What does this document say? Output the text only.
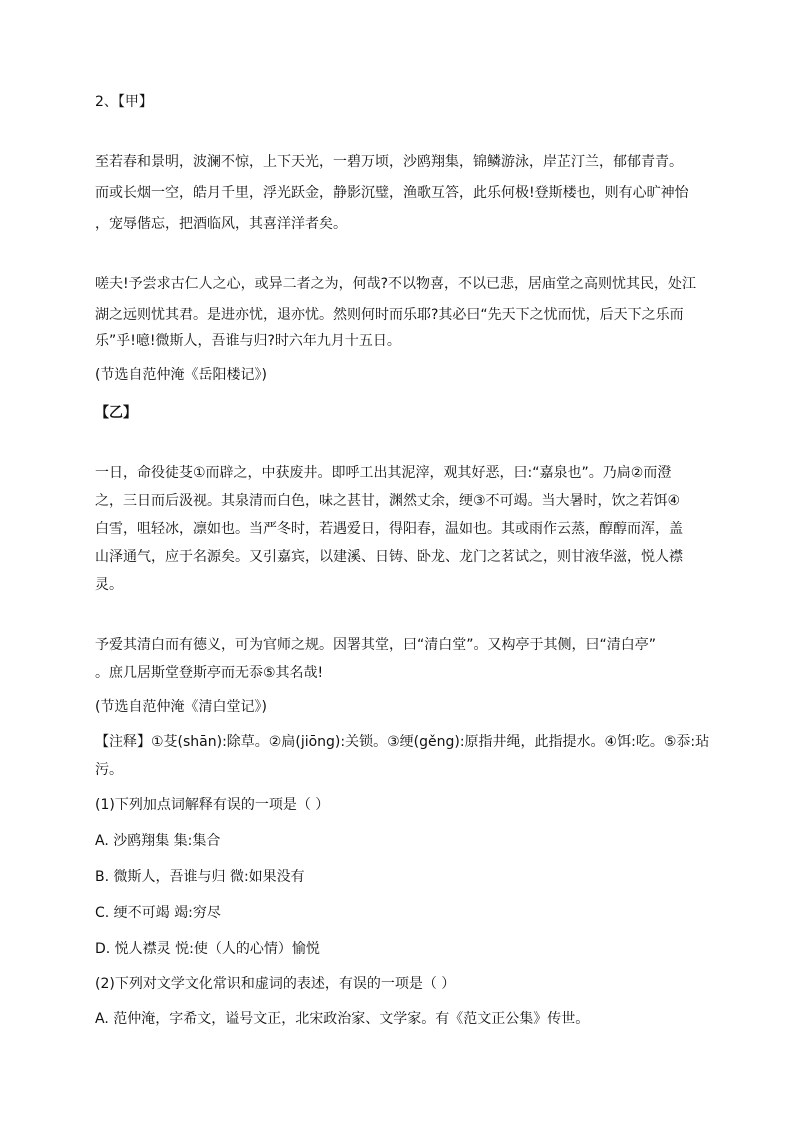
2、【甲】
至若春和景明，波澜不惊，上下天光，一碧万顷，沙鸥翔集，锦鳞游泳，岸芷汀兰，郁郁青青。
而或长烟一空，皓月千里，浮光跃金，静影沉璧，渔歌互答，此乐何极!登斯楼也，则有心旷神怡
，宠辱偕忘，把酒临风，其喜洋洋者矣。
嗟夫!予尝求古仁人之心，或异二者之为，何哉?不以物喜，不以已悲，居庙堂之高则忧其民，处江
湖之远则忧其君。是进亦忧，退亦忧。然则何时而乐耶?其必曰“先天下之忧而忧，后天下之乐而
乐”乎!噫!微斯人，吾谁与归?时六年九月十五日。
(节选自范仲淹《岳阳楼记》)
【乙】
一日，命役徒芟①而辟之，中获废井。即呼工出其泥滓，观其好恶，曰:“嘉泉也”。乃扃②而澄
之，三日而后汲视。其泉清而白色，味之甚甘，渊然丈余，绠③不可竭。当大暑时，饮之若饵④
白雪，咀轻冰，凛如也。当严冬时，若遇爱日，得阳春，温如也。其或雨作云蒸，醇醇而浑，盖
山泽通气，应于名源矣。又引嘉宾，以建溪、日铸、卧龙、龙门之茗试之，则甘液华滋，悦人襟
灵。
予爱其清白而有德义，可为官师之规。因署其堂，曰“清白堂”。又构亭于其侧，曰“清白亭”
。庶几居斯堂登斯亭而无忝⑤其名哉!
(节选自范仲淹《清白堂记》)
【注释】①芟(shān):除草。②扃(jiōng):关锁。③绠(gěng):原指井绳，此指提水。④饵:吃。⑤忝:玷
污。
(1)下列加点词解释有误的一项是（ ）
A. 沙鸥翔集 集:集合
B. 微斯人，吾谁与归 微:如果没有
C. 绠不可竭 竭:穷尽
D. 悦人襟灵 悦:使（人的心情）愉悦
(2)下列对文学文化常识和虚词的表述，有误的一项是（ ）
A. 范仲淹，字希文，谥号文正，北宋政治家、文学家。有《范文正公集》传世。
